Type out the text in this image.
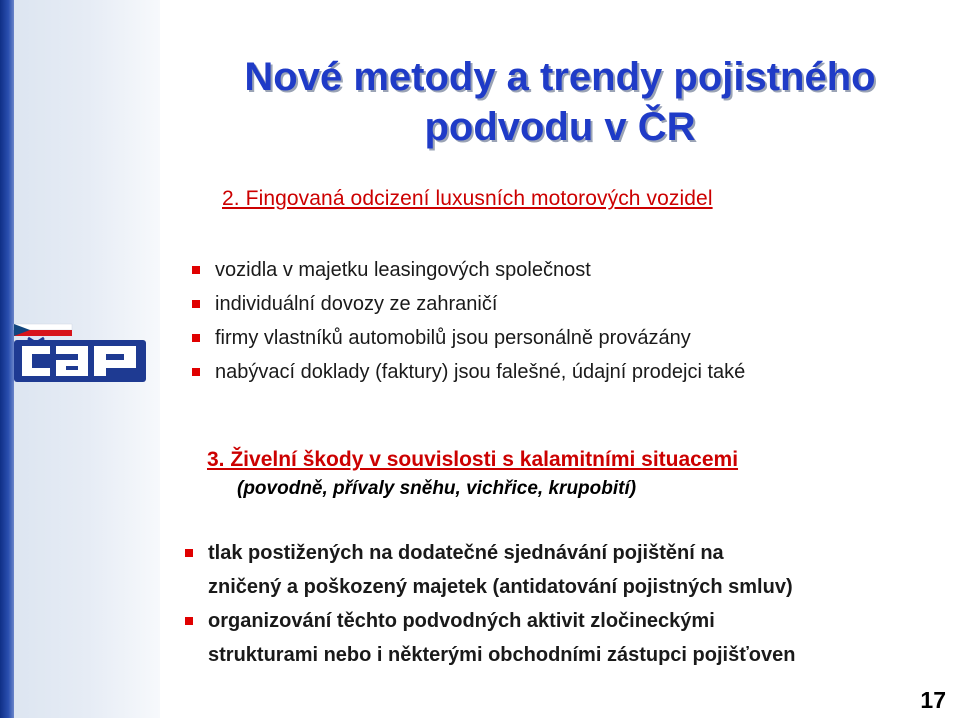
Nové metody a trendy pojistného
podvodu v ČR
2. Fingovaná odcizení luxusních motorových vozidel
vozidla v majetku leasingových společnost
individuální dovozy ze zahraničí
firmy vlastníků automobilů jsou personálně provázány
nabývací doklady (faktury) jsou falešné, údajní prodejci také
3. Živelní škody v souvislosti s kalamitními situacemi
(povodně, přívaly sněhu, vichřice, krupobití)
tlak postižených na dodatečné sjednávání pojištění na
zničený a poškozený majetek (antidatování pojistných smluv)
organizování těchto podvodných aktivit zločineckými
strukturami nebo i některými obchodními zástupci pojišťoven
17
